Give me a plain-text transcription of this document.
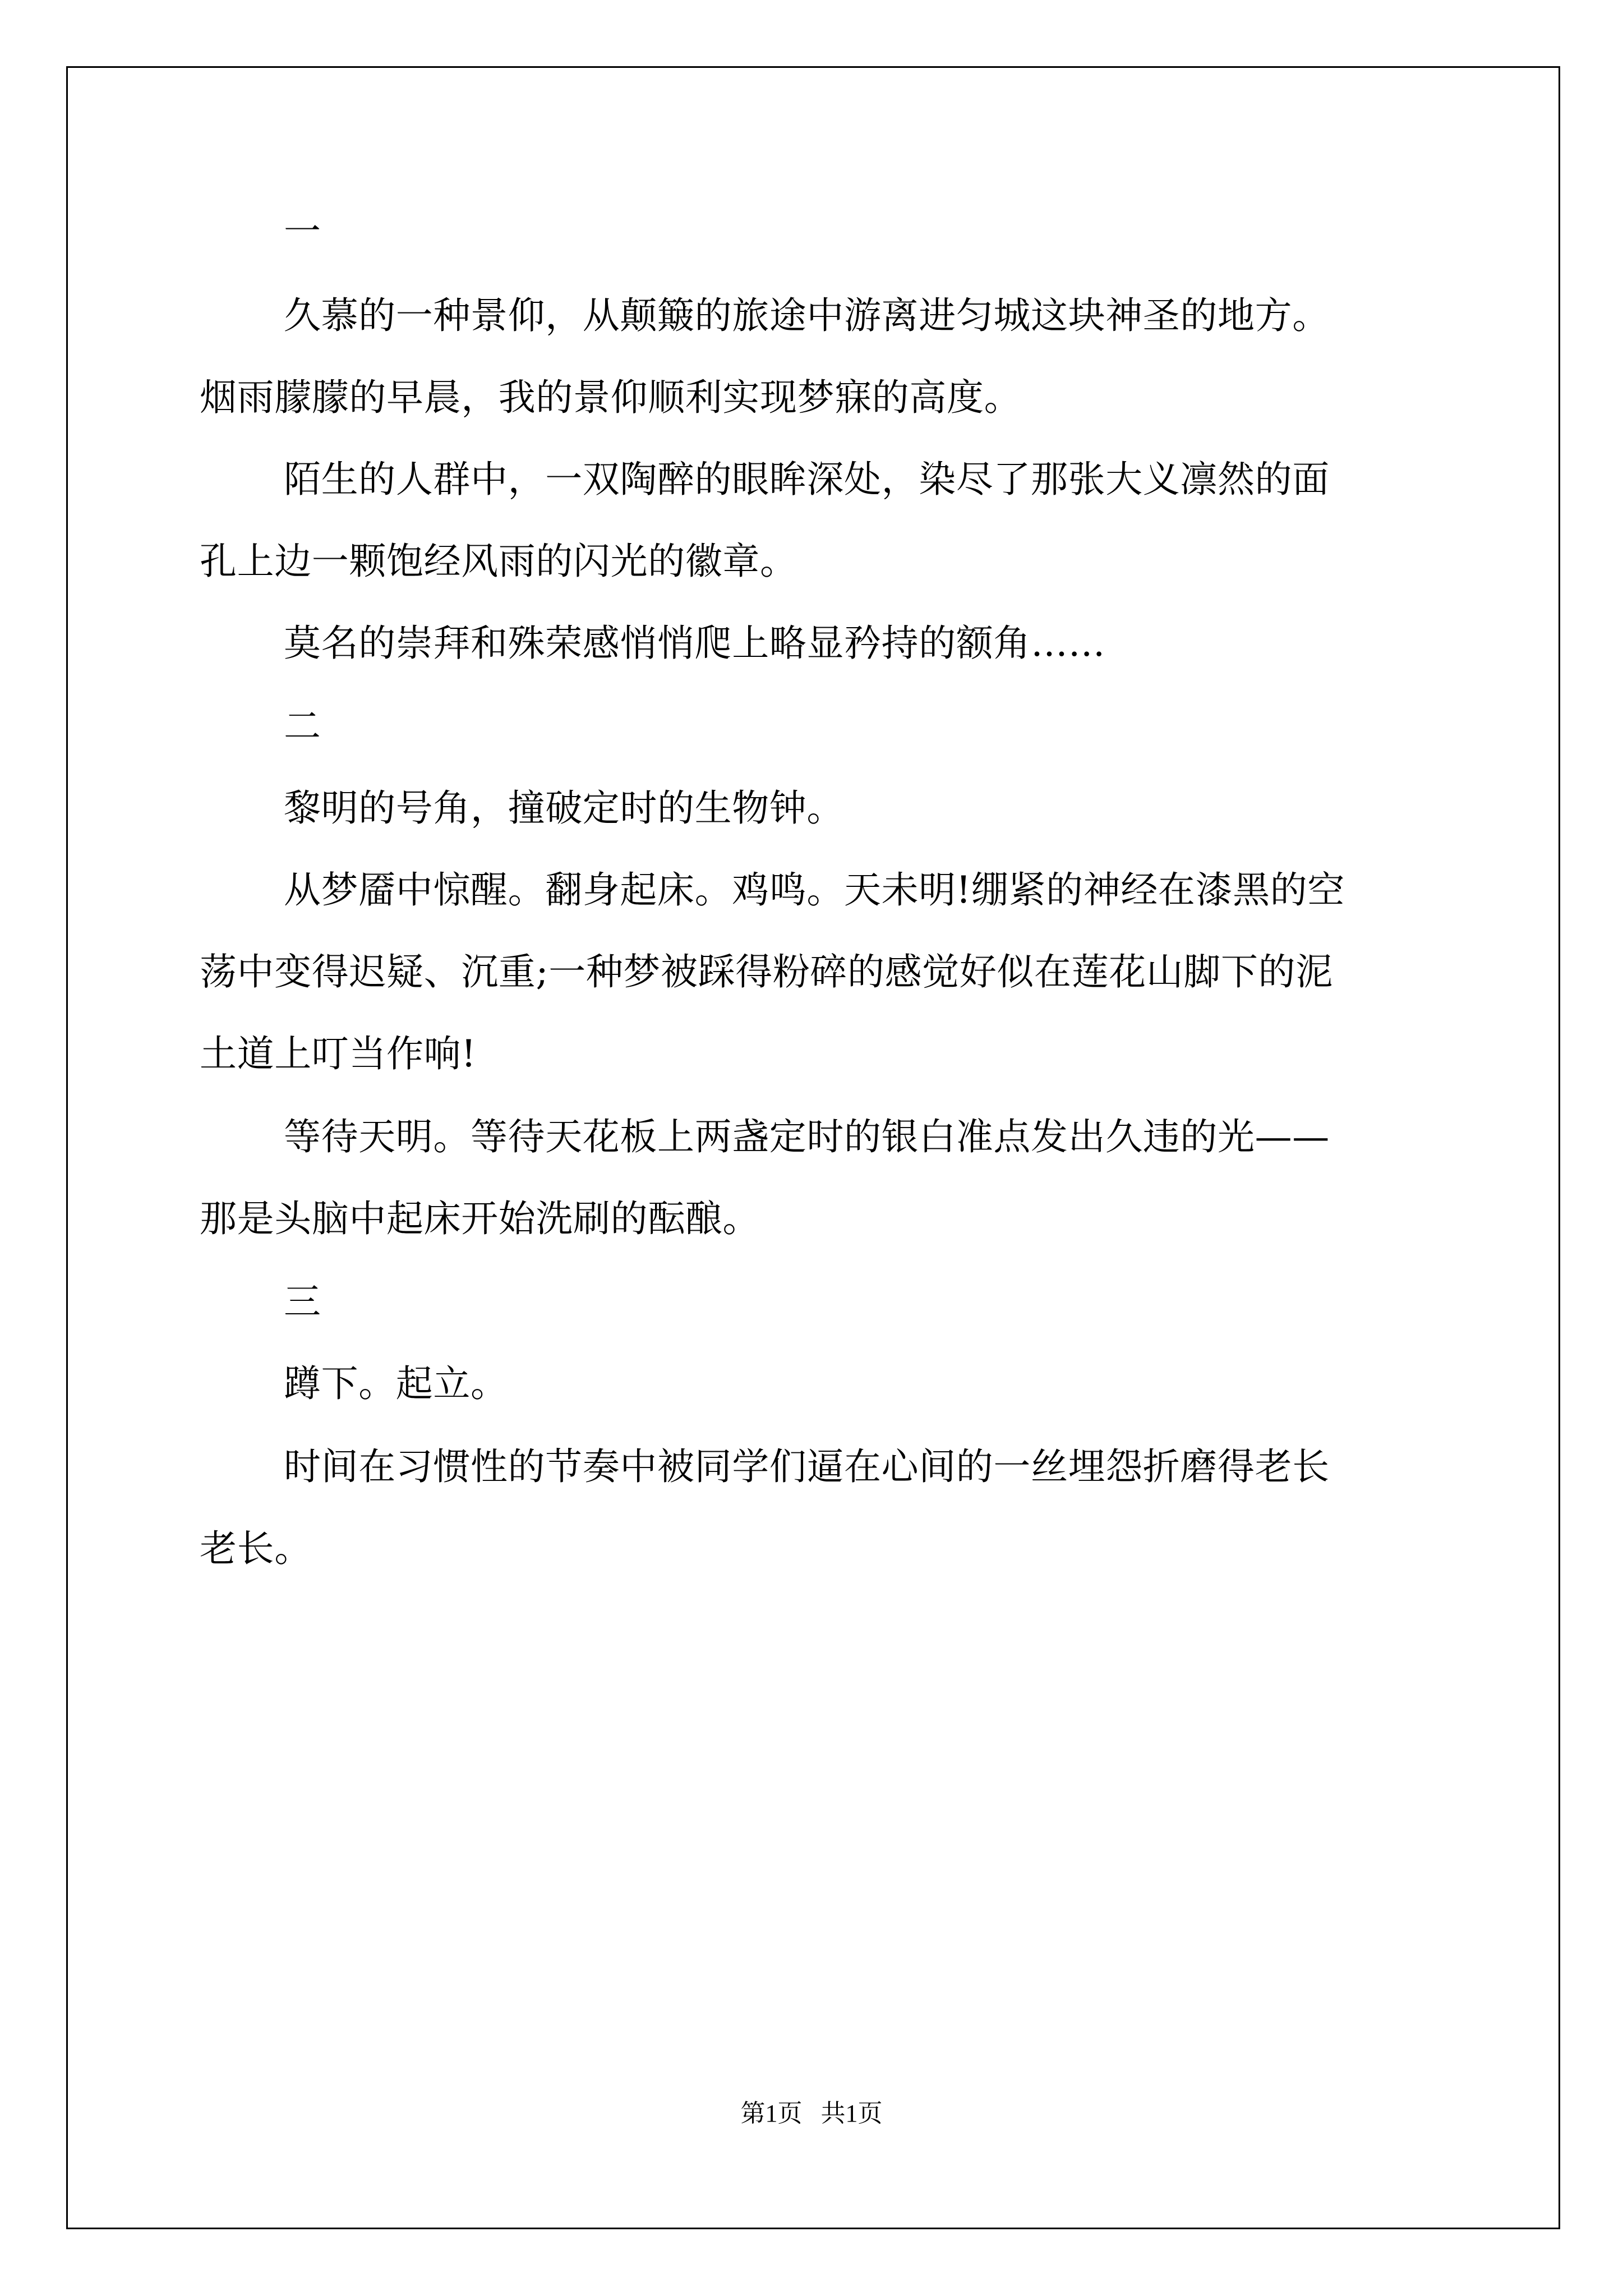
一
久慕的一种景仰，从颠簸的旅途中游离进匀城这块神圣的地方。
烟雨朦朦的早晨，我的景仰顺利实现梦寐的高度。
陌生的人群中，一双陶醉的眼眸深处，染尽了那张大义凛然的面
孔上边一颗饱经风雨的闪光的徽章。
莫名的崇拜和殊荣感悄悄爬上略显矜持的额角……
二
黎明的号角，撞破定时的生物钟。
从梦靥中惊醒。翻身起床。鸡鸣。天未明!绷紧的神经在漆黑的空
荡中变得迟疑、沉重;一种梦被踩得粉碎的感觉好似在莲花山脚下的泥
土道上叮当作响!
等待天明。等待天花板上两盏定时的银白准点发出久违的光——
那是头脑中起床开始洗刷的酝酿。
三
蹲下。起立。
时间在习惯性的节奏中被同学们逼在心间的一丝埋怨折磨得老长
老长。
第1页   共1页
